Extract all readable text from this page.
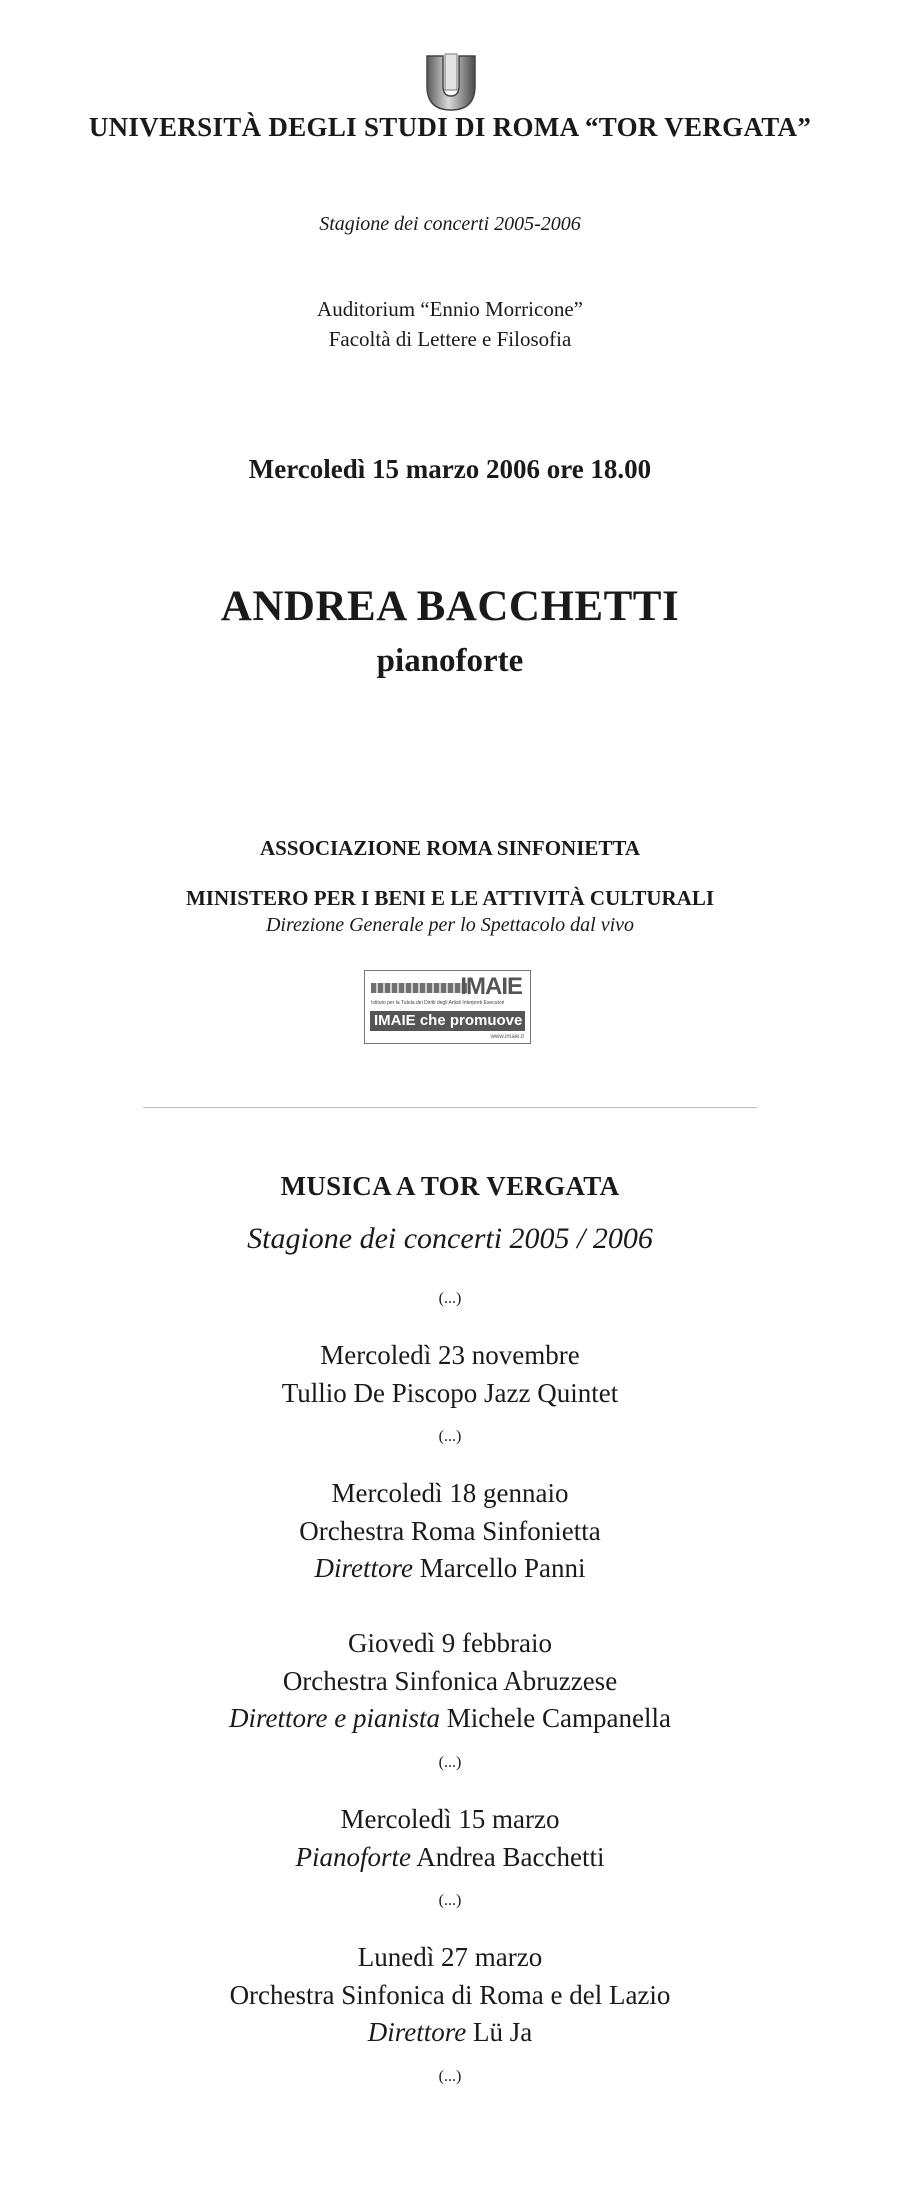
UNIVERSITÀ DEGLI STUDI DI ROMA “TOR VERGATA”
Stagione dei concerti 2005-2006
Auditorium “Ennio Morricone”
Facoltà di Lettere e Filosofia
Mercoledì 15 marzo 2006 ore 18.00
ANDREA BACCHETTI
pianoforte
ASSOCIAZIONE ROMA SINFONIETTA
MINISTERO PER I BENI E LE ATTIVITÀ CULTURALI
Direzione Generale per lo Spettacolo dal vivo
IMAIE
Istituto per la Tutela dei Diritti degli Artisti Interpreti Esecutori
IMAIE che promuove
www.imaie.it
MUSICA A TOR VERGATA
Stagione dei concerti 2005 / 2006
(...)
Mercoledì 23 novembre
Tullio De Piscopo Jazz Quintet
(...)
Mercoledì 18 gennaio
Orchestra Roma Sinfonietta
Direttore Marcello Panni
Giovedì 9 febbraio
Orchestra Sinfonica Abruzzese
Direttore e pianista Michele Campanella
(...)
Mercoledì 15 marzo
Pianoforte Andrea Bacchetti
(...)
Lunedì 27 marzo
Orchestra Sinfonica di Roma e del Lazio
Direttore Lü Ja
(...)
